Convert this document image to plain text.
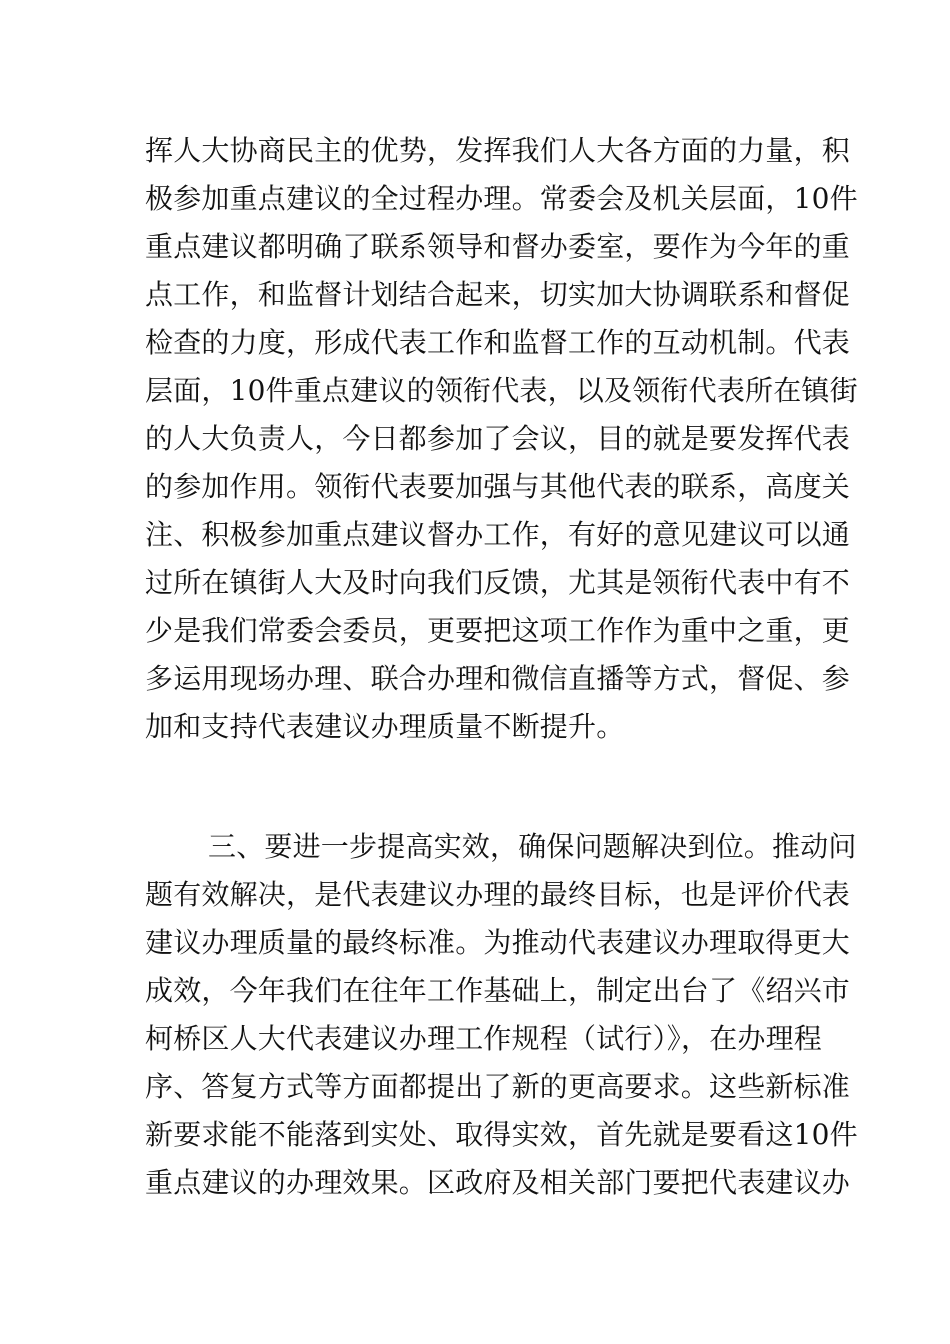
挥人大协商民主的优势，发挥我们人大各方面的力量，积
极参加重点建议的全过程办理。常委会及机关层面，10件
重点建议都明确了联系领导和督办委室，要作为今年的重
点工作，和监督计划结合起来，切实加大协调联系和督促
检查的力度，形成代表工作和监督工作的互动机制。代表
层面，10件重点建议的领衔代表，以及领衔代表所在镇街
的人大负责人，今日都参加了会议，目的就是要发挥代表
的参加作用。领衔代表要加强与其他代表的联系，高度关
注、积极参加重点建议督办工作，有好的意见建议可以通
过所在镇街人大及时向我们反馈，尤其是领衔代表中有不
少是我们常委会委员，更要把这项工作作为重中之重，更
多运用现场办理、联合办理和微信直播等方式，督促、参
加和支持代表建议办理质量不断提升。
三、要进一步提高实效，确保问题解决到位。推动问
题有效解决，是代表建议办理的最终目标，也是评价代表
建议办理质量的最终标准。为推动代表建议办理取得更大
成效，今年我们在往年工作基础上，制定出台了《绍兴市
柯桥区人大代表建议办理工作规程（试行）》，在办理程
序、答复方式等方面都提出了新的更高要求。这些新标准
新要求能不能落到实处、取得实效，首先就是要看这10件
重点建议的办理效果。区政府及相关部门要把代表建议办
